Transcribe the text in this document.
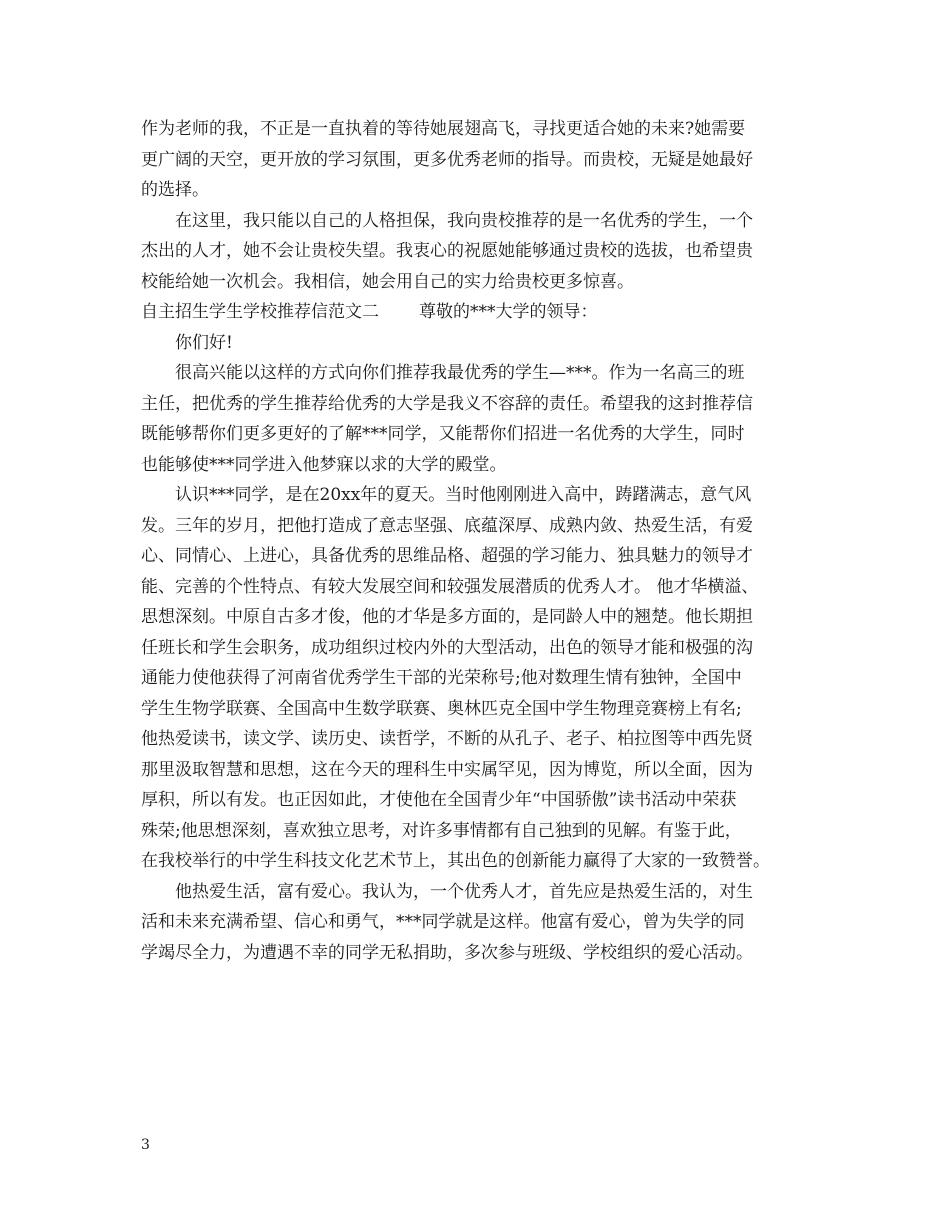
作为老师的我，不正是一直执着的等待她展翅高飞，寻找更适合她的未来?她需要
更广阔的天空，更开放的学习氛围，更多优秀老师的指导。而贵校，无疑是她最好
的选择。
在这里，我只能以自己的人格担保，我向贵校推荐的是一名优秀的学生，一个
杰出的人才，她不会让贵校失望。我衷心的祝愿她能够通过贵校的选拔，也希望贵
校能给她一次机会。我相信，她会用自己的实力给贵校更多惊喜。
自主招生学生学校推荐信范文二 尊敬的***大学的领导：
你们好!
很高兴能以这样的方式向你们推荐我最优秀的学生—***。作为一名高三的班
主任，把优秀的学生推荐给优秀的大学是我义不容辞的责任。希望我的这封推荐信
既能够帮你们更多更好的了解***同学，又能帮你们招进一名优秀的大学生，同时
也能够使***同学进入他梦寐以求的大学的殿堂。
认识***同学，是在20xx年的夏天。当时他刚刚进入高中，踌躇满志，意气风
发。三年的岁月，把他打造成了意志坚强、底蕴深厚、成熟内敛、热爱生活，有爱
心、同情心、上进心，具备优秀的思维品格、超强的学习能力、独具魅力的领导才
能、完善的个性特点、有较大发展空间和较强发展潜质的优秀人才。 他才华横溢、
思想深刻。中原自古多才俊，他的才华是多方面的，是同龄人中的翘楚。他长期担
任班长和学生会职务，成功组织过校内外的大型活动，出色的领导才能和极强的沟
通能力使他获得了河南省优秀学生干部的光荣称号;他对数理生情有独钟，全国中
学生生物学联赛、全国高中生数学联赛、奥林匹克全国中学生物理竞赛榜上有名;
他热爱读书，读文学、读历史、读哲学，不断的从孔子、老子、柏拉图等中西先贤
那里汲取智慧和思想，这在今天的理科生中实属罕见，因为博览，所以全面，因为
厚积，所以有发。也正因如此，才使他在全国青少年“中国骄傲”读书活动中荣获
殊荣;他思想深刻，喜欢独立思考，对许多事情都有自己独到的见解。有鉴于此，
在我校举行的中学生科技文化艺术节上，其出色的创新能力赢得了大家的一致赞誉。
他热爱生活，富有爱心。我认为，一个优秀人才，首先应是热爱生活的，对生
活和未来充满希望、信心和勇气，***同学就是这样。他富有爱心，曾为失学的同
学竭尽全力，为遭遇不幸的同学无私捐助，多次参与班级、学校组织的爱心活动。
3
